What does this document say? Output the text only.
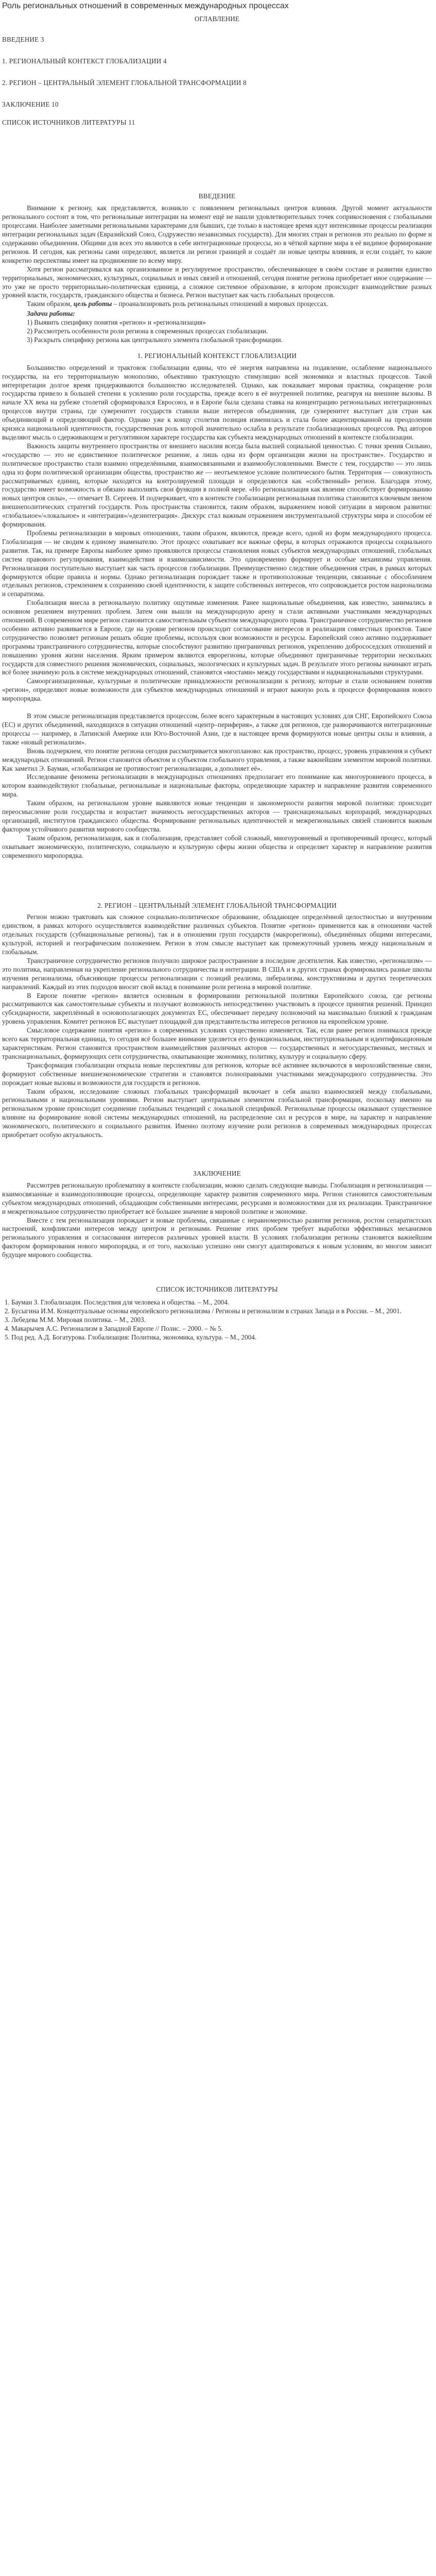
Роль региональных отношений в современных международных процессах
ОГЛАВЛЕНИЕ
ВВЕДЕНИЕ 3
1. РЕГИОНАЛЬНЫЙ КОНТЕКСТ ГЛОБАЛИЗАЦИИ 4
2. РЕГИОН – ЦЕНТРАЛЬНЫЙ ЭЛЕМЕНТ ГЛОБАЛЬНОЙ ТРАНСФОРМАЦИИ 8
ЗАКЛЮЧЕНИЕ 10
СПИСОК ИСТОЧНИКОВ ЛИТЕРАТУРЫ 11
ВВЕДЕНИЕ

Внимание к региону, как представляется, возникло с появлением региональных центров влияния. Другой момент актуальности регионального состоит в том, что региональные интеграции на момент ещё не нашли удовлетворительных точек соприкосновения с глобальными процессами. Наиболее заметными региональными характерами для бывших, где только в настоящее время идут интенсивные процессы реализации интеграции региональных задач (Евразийский Союз, Содружество независимых государств). Для многих стран и регионов это реально по форме и содержанию объединения. Общими для всех это являются в себе интеграционные процессы, но в чёткой картине мира в её видимое формирование регионов. И сегодня, как регионы сами определяют, является ли регион границей и создаёт ли новые центры влияния, и если создаёт, то какие конкретно перспективы имеет на продвижение по всему миру.

Хотя регион рассматривался как организованное и регулируемое пространство, обеспечивающее в своём составе и развитии единство территориальных, экономических, культурных, социальных и иных связей и отношений, сегодня понятие региона приобретает иное содержание — это уже не просто территориально-политическая единица, а сложное системное образование, в котором происходит взаимодействие разных уровней власти, государств, гражданского общества и бизнеса. Регион выступает как часть глобальных процессов.

Таким образом, цель работы – проанализировать роль региональных отношений в мировых процессах.

Задачи работы:

1) Выявить специфику понятия «регион» и «регионализация»

2) Рассмотреть особенности роли региона в современных процессах глобализации.

3) Раскрыть специфику региона как центрального элемента глобальной трансформации.

1. РЕГИОНАЛЬНЫЙ КОНТЕКСТ ГЛОБАЛИЗАЦИИ

Большинство определений и трактовок глобализации едины, что её энергия направлена на подавление, ослабление национального государства, на его территориальную монополию, объективно трактующую стимуляцию всей экономики и властных процессов. Такой интерпретации долгое время придерживаются большинство исследователей. Однако, как показывает мировая практика, сокращение роли государства привело в большей степени к усилению роли государства, прежде всего в её внутренней политике, реагируя на внешние вызовы. В начале XX века на рубеже столетий сформировался Евросоюз, и в Европе была сделана ставка на концентрацию региональных интеграционных процессов внутри страны, где суверенитет государств ставили выше интересов объединения, где суверенитет выступает для стран как объединяющий и определяющий фактор. Однако уже к концу столетия позиция изменилась и стала более акцентированной на преодолении кризиса национальной идентичности, государственная роль которой значительно ослабла в результате глобализационных процессов. Ряд авторов выделяют мысль о сдерживающем и регулятивном характере государства как субъекта международных отношений в контексте глобализации.

Важность защиты внутреннего пространства от внешнего насилия всегда была высшей социальной ценностью. С точки зрения Сильвио, «государство — это не единственное политическое решение, а лишь одна из форм организации жизни на пространстве». Государство и политическое пространство стали взаимно определёнными, взаимосвязанными и взаимообусловленными. Вместе с тем, государство — это лишь одна из форм политической организации общества, пространство же — неотъемлемое условие политического бытия. Территория — совокупность рассматриваемых единиц, которые находятся на контролируемой площади и определяются как «собственный» регион. Благодаря этому, государство имеет возможность и обязано выполнять свои функции в полной мере. «Но регионализация как явление способствует формированию новых центров силы», — отмечает В. Сергеев. И подчеркивает, что в контексте глобализации региональная политика становится ключевым звеном внешнеполитических стратегий государств. Роль пространства становится, таким образом, выражением новой ситуации в мировом развитии: «глобальное»/«локальное» и «интеграция»/«дезинтеграция». Дискурс стал важным отражением инструментальной структуры мира и способом её формирования.

Проблемы регионализации в мировых отношениях, таким образом, являются, прежде всего, одной из форм международного процесса. Глобализация — не сводим к единому знаменателю. Этот процесс охватывает все важные сферы, в которых отражаются процессы социального развития. Так, на примере Европы наиболее зримо проявляются процессы становления новых субъектов международных отношений, глобальных систем правового регулирования, взаимодействия и взаимозависимости. Это одновременно формирует и особые механизмы управления. Регионализация поступательно выступает как часть процессов глобализации. Преимущественно следствие объединения стран, в рамках которых формируются общие правила и нормы. Однако регионализация порождает также и противоположные тенденции, связанные с обособлением отдельных регионов, стремлением к сохранению своей идентичности, к защите собственных интересов, что сопровождается ростом национализма и сепаратизма.

Глобализация внесла в региональную политику ощутимые изменения. Ранее национальные объединения, как известно, занимались в основном решением внутренних проблем. Затем они вышли на международную арену и стали активными участниками международных отношений. В современном мире регион становится самостоятельным субъектом международного права. Трансграничное сотрудничество регионов особенно активно развивается в Европе, где на уровне регионов происходит согласование интересов и реализация совместных проектов. Такое сотрудничество позволяет регионам решать общие проблемы, используя свои возможности и ресурсы. Европейский союз активно поддерживает программы трансграничного сотрудничества, которые способствуют развитию приграничных регионов, укреплению добрососедских отношений и повышению уровня жизни населения. Ярким примером являются еврорегионы, которые объединяют приграничные территории нескольких государств для совместного решения экономических, социальных, экологических и культурных задач. В результате этого регионы начинают играть всё более значимую роль в системе международных отношений, становятся «мостами» между государствами и наднациональными структурами.

Самоорганизационные, культурные и политические принадлежности регионализации к региону, которые и стали основанием понятия «регион», определяют новые возможности для субъектов международных отношений и играют важную роль в процессе формирования нового миропорядка.

В этом смысле регионализация представляется процессом, более всего характерным в настоящих условиях для СНГ, Европейского Союза (ЕС) и других объединений, находящихся в ситуации отношений «центр–периферия», а также для регионов, где разворачиваются интеграционные процессы — например, в Латинской Америке или Юго-Восточной Азии, где в настоящее время формируются новые центры силы и влияния, а также «новый регионализм».

Вновь подчеркнем, что понятие региона сегодня рассматривается многопланово: как пространство, процесс, уровень управления и субъект международных отношений. Регион становится объектом и субъектом глобального управления, а также важнейшим элементом мировой политики. Как заметил Э. Бауман, «глобализация не противостоит регионализации, а дополняет её».

Исследование феномена регионализации в международных отношениях предполагает его понимание как многоуровневого процесса, в котором взаимодействуют глобальные, региональные и национальные факторы, определяющие характер и направление развития современного мира.

Таким образом, на региональном уровне выявляются новые тенденции и закономерности развития мировой политики: происходит переосмысление роли государства и возрастает значимость негосударственных акторов — транснациональных корпораций, международных организаций, институтов гражданского общества. Формирование региональных идентичностей и межрегиональных связей становится важным фактором устойчивого развития мирового сообщества.

Таким образом, регионализация, как и глобализация, представляет собой сложный, многоуровневый и противоречивый процесс, который охватывает экономическую, политическую, социальную и культурную сферы жизни общества и определяет характер и направление развития современного миропорядка.

2. РЕГИОН – ЦЕНТРАЛЬНЫЙ ЭЛЕМЕНТ ГЛОБАЛЬНОЙ ТРАНСФОРМАЦИИ

Регион можно трактовать как сложное социально-политическое образование, обладающее определённой целостностью и внутренним единством, в рамках которого осуществляется взаимодействие различных субъектов. Понятие «регион» применяется как в отношении частей отдельных государств (субнациональные регионы), так и в отношении групп государств (макрорегионы), объединённых общими интересами, культурой, историей и географическим положением. Регион в этом смысле выступает как промежуточный уровень между национальным и глобальным.

Трансграничное сотрудничество регионов получило широкое распространение в последние десятилетия. Как известно, «регионализм» — это политика, направленная на укрепление регионального сотрудничества и интеграции. В США и в других странах формировались разные школы изучения регионализма, объясняющие процессы регионализации с позиций реализма, либерализма, конструктивизма и других теоретических направлений. Каждый из этих подходов вносит свой вклад в понимание роли региона в мировой политике.

В Европе понятие «регион» является основным в формировании региональной политики Европейского союза, где регионы рассматриваются как самостоятельные субъекты и получают возможность непосредственно участвовать в процессе принятия решений. Принцип субсидиарности, закреплённый в основополагающих документах ЕС, обеспечивает передачу полномочий на максимально близкий к гражданам уровень управления. Комитет регионов ЕС выступает площадкой для представительства интересов регионов на европейском уровне.

Смысловое содержание понятия «регион» в современных условиях существенно изменяется. Так, если ранее регион понимался прежде всего как территориальная единица, то сегодня всё большее внимание уделяется его функциональным, институциональным и идентификационным характеристикам. Регион становится пространством взаимодействия различных акторов — государственных и негосударственных, местных и транснациональных, формирующих сети сотрудничества, охватывающие экономику, политику, культуру и социальную сферу.

Трансформация глобализации открыла новые перспективы для регионов, которые всё активнее включаются в мирохозяйственные связи, формируют собственные внешнеэкономические стратегии и становятся полноправными участниками международного сотрудничества. Это порождает новые вызовы и возможности для государств и регионов.

Таким образом, исследование сложных глобальных трансформаций включает в себя анализ взаимосвязей между глобальными, региональными и национальными уровнями. Регион выступает центральным элементом глобальной трансформации, поскольку именно на региональном уровне происходит соединение глобальных тенденций с локальной спецификой. Региональные процессы оказывают существенное влияние на формирование новой системы международных отношений, на распределение сил и ресурсов в мире, на характер и направление экономического, политического и социального развития. Именно поэтому изучение роли регионов в современных международных процессах приобретает особую актуальность.

ЗАКЛЮЧЕНИЕ

Рассмотрев региональную проблематику в контексте глобализации, можно сделать следующие выводы. Глобализация и регионализация — взаимосвязанные и взаимодополняющие процессы, определяющие характер развития современного мира. Регион становится самостоятельным субъектом международных отношений, обладающим собственными интересами, ресурсами и возможностями для их реализации. Трансграничное и межрегиональное сотрудничество приобретает всё большее значение в мировой политике и экономике.

Вместе с тем регионализация порождает и новые проблемы, связанные с неравномерностью развития регионов, ростом сепаратистских настроений, конфликтами интересов между центром и регионами. Решение этих проблем требует выработки эффективных механизмов регионального управления и согласования интересов различных уровней власти. В условиях глобализации регионы становятся важнейшим фактором формирования нового миропорядка, и от того, насколько успешно они смогут адаптироваться к новым условиям, во многом зависит будущее мирового сообщества.

СПИСОК ИСТОЧНИКОВ ЛИТЕРАТУРЫ
1. Бауман З. Глобализация. Последствия для человека и общества. – М., 2004.
2. Бусыгина И.М. Концептуальные основы европейского регионализма / Регионы и регионализм в странах Запада и в России. – М., 2001.
3. Лебедева М.М. Мировая политика. – М., 2003.
4. Макарычев А.С. Регионализм в Западной Европе // Полис. – 2000. – № 5.
5. Под ред. А.Д. Богатурова. Глобализация: Политика, экономика, культура. – М., 2004.
